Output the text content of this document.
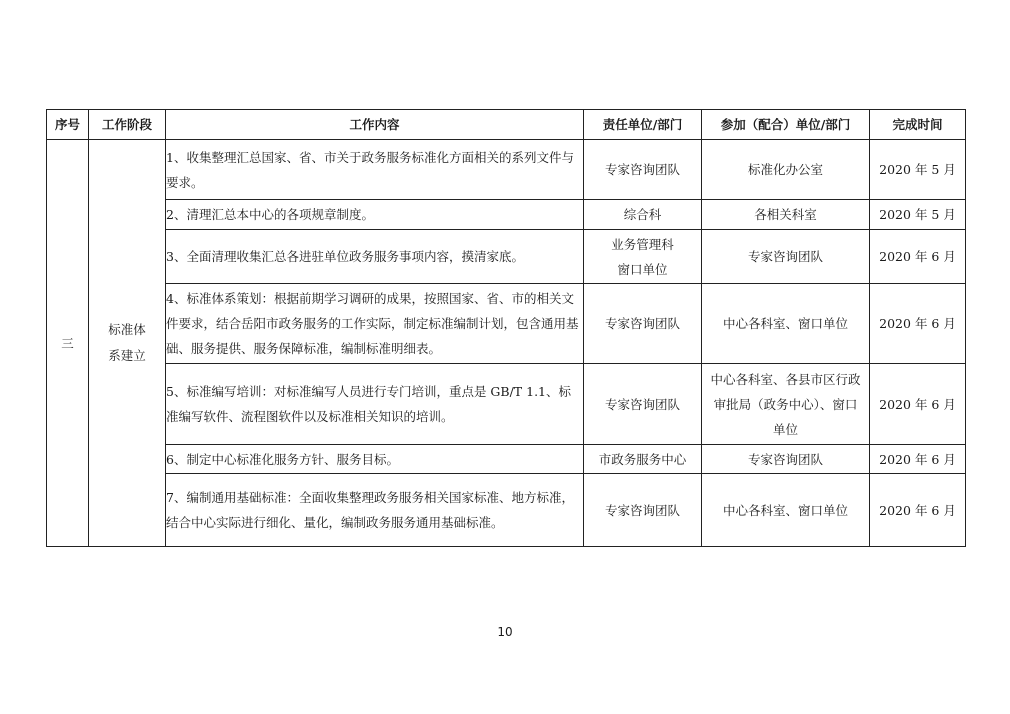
序号	工作阶段	工作内容	责任单位/部门	参加（配合）单位/部门	完成时间
三	标准体系建立	1、收集整理汇总国家、省、市关于政务服务标准化方面相关的系列文件与要求。	专家咨询团队	标准化办公室	2020 年 5 月
		2、清理汇总本中心的各项规章制度。	综合科	各相关科室	2020 年 5 月
		3、全面清理收集汇总各进驻单位政务服务事项内容，摸清家底。	业务管理科 窗口单位	专家咨询团队	2020 年 6 月
		4、标准体系策划：根据前期学习调研的成果，按照国家、省、市的相关文件要求，结合岳阳市政务服务的工作实际，制定标准编制计划，包含通用基础、服务提供、服务保障标准，编制标准明细表。	专家咨询团队	中心各科室、窗口单位	2020 年 6 月
		5、标准编写培训：对标准编写人员进行专门培训，重点是 GB/T 1.1、标准编写软件、流程图软件以及标准相关知识的培训。	专家咨询团队	中心各科室、各县市区行政审批局（政务中心）、窗口单位	2020 年 6 月
		6、制定中心标准化服务方针、服务目标。	市政务服务中心	专家咨询团队	2020 年 6 月
		7、编制通用基础标准：全面收集整理政务服务相关国家标准、地方标准，结合中心实际进行细化、量化，编制政务服务通用基础标准。	专家咨询团队	中心各科室、窗口单位	2020 年 6 月
10
